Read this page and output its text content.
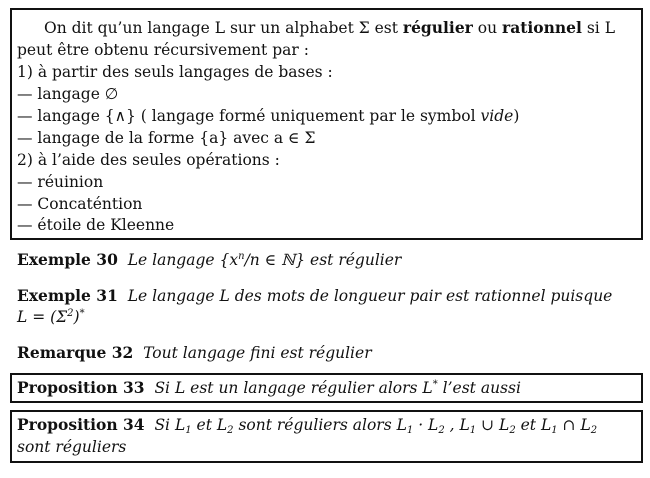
On dit qu’un langage L sur un alphabet Σ est régulier ou rationnel si L
peut être obtenu récursivement par :
1) à partir des seuls langages de bases :
— langage ∅
— langage {∧} ( langage formé uniquement par le symbol vide)
— langage de la forme {a} avec a ∈ Σ
2) à l’aide des seules opérations :
— réuinion
— Concaténtion
— étoile de Kleenne
Exemple 30 Le langage {$x^n/n$ ∈ ℕ} est régulier
Exemple 31 Le langage L des mots de longueur pair est rationnel puisque
$L = (\Sigma^2)^*$
Remarque 32 Tout langage fini est régulier
Proposition 33 Si L est un langage régulier alors L* l’est aussi
Proposition 34 Si $L_1$ et $L_2$ sont réguliers alors $L_1 \cdot L_2$ , $L_1$ ∪ $L_2$ et $L_1$ ∩ $L_2$
sont réguliers
